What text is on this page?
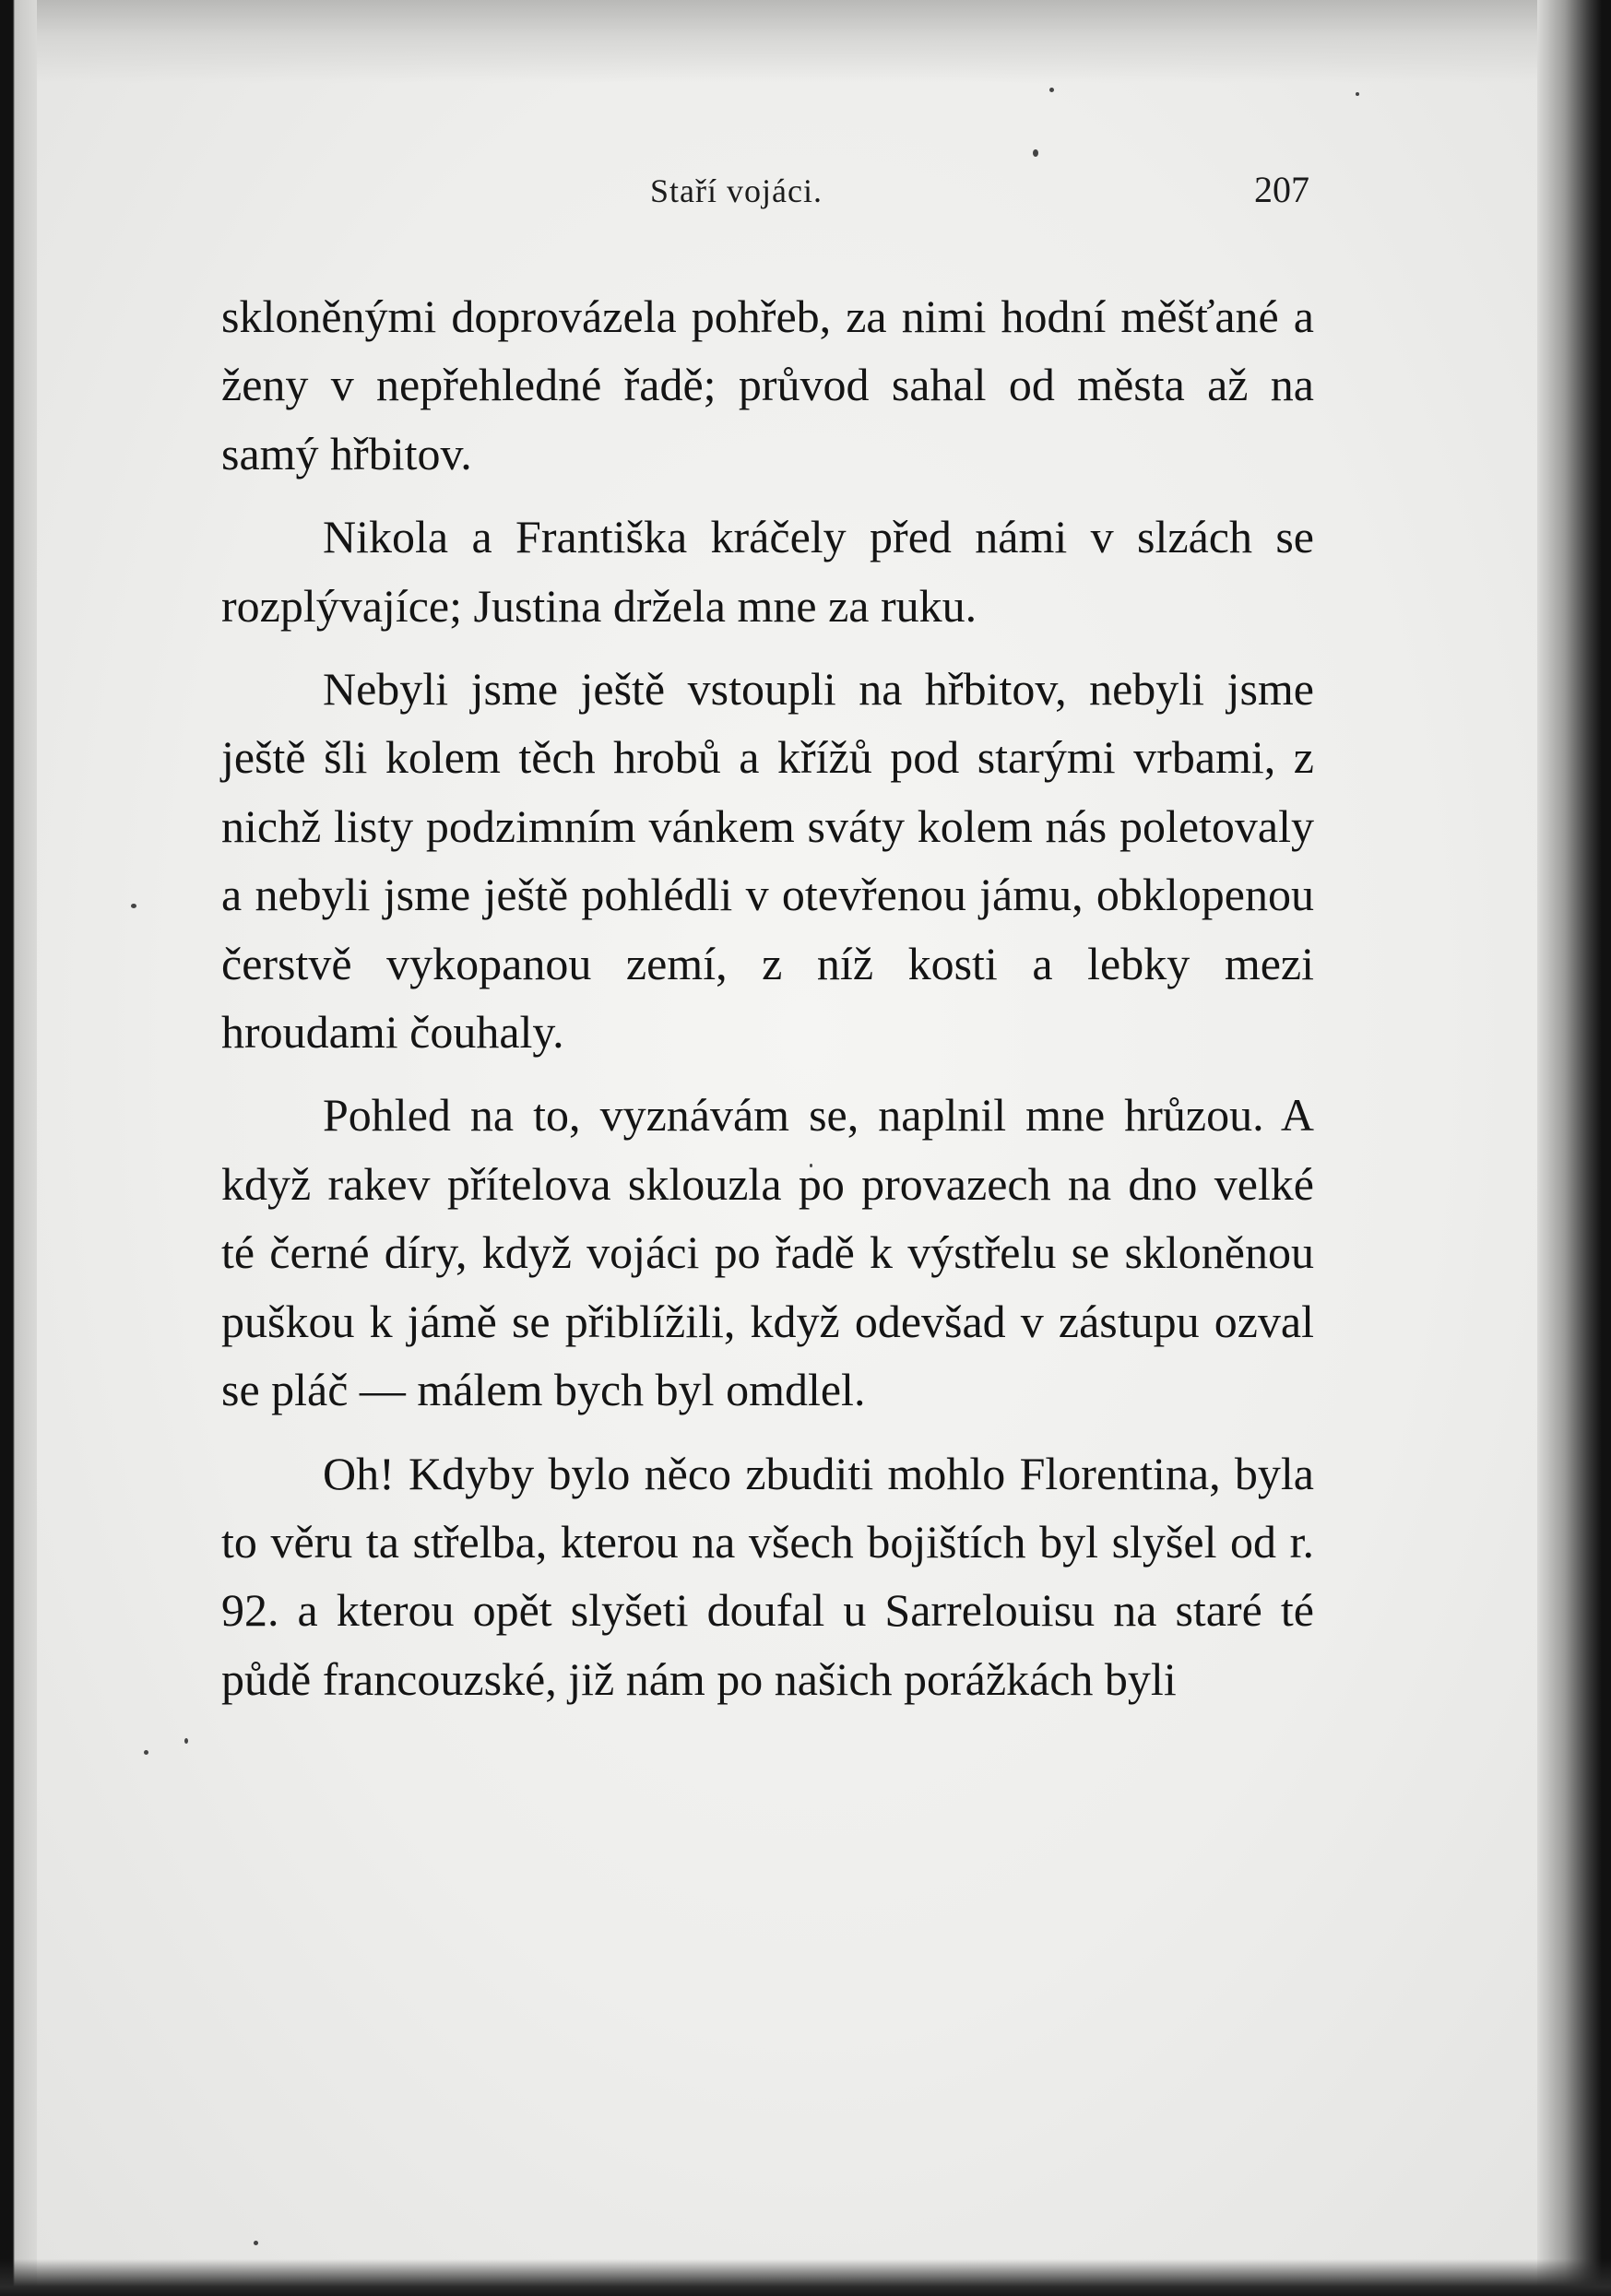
Staří vojáci.	207

skloněnými doprovázela pohřeb, za nimi hodní měšťané a ženy v nepřehledné řadě; průvod sahal od města až na samý hřbitov.

Nikola a Františka kráčely před námi v slzách se rozplývajíce; Justina držela mne za ruku.

Nebyli jsme ještě vstoupli na hřbitov, nebyli jsme ještě šli kolem těch hrobů a křížů pod starými vrbami, z nichž listy podzimním vánkem sváty kolem nás poletovaly a nebyli jsme ještě pohlédli v otevřenou jámu, obklopenou čerstvě vykopanou zemí, z níž kosti a lebky mezi hroudami čouhaly.

Pohled na to, vyznávám se, naplnil mne hrůzou. A když rakev přítelova sklouzla po provazech na dno velké té černé díry, když vojáci po řadě k výstřelu se skloněnou puškou k jámě se přiblížili, když odevšad v zástupu ozval se pláč — málem bych byl omdlel.

Oh! Kdyby bylo něco zbuditi mohlo Florentina, byla to věru ta střelba, kterou na všech bojištích byl slyšel od r. 92. a kterou opět slyšeti doufal u Sarrelouisu na staré té půdě francouzské, již nám po našich porážkách byli
